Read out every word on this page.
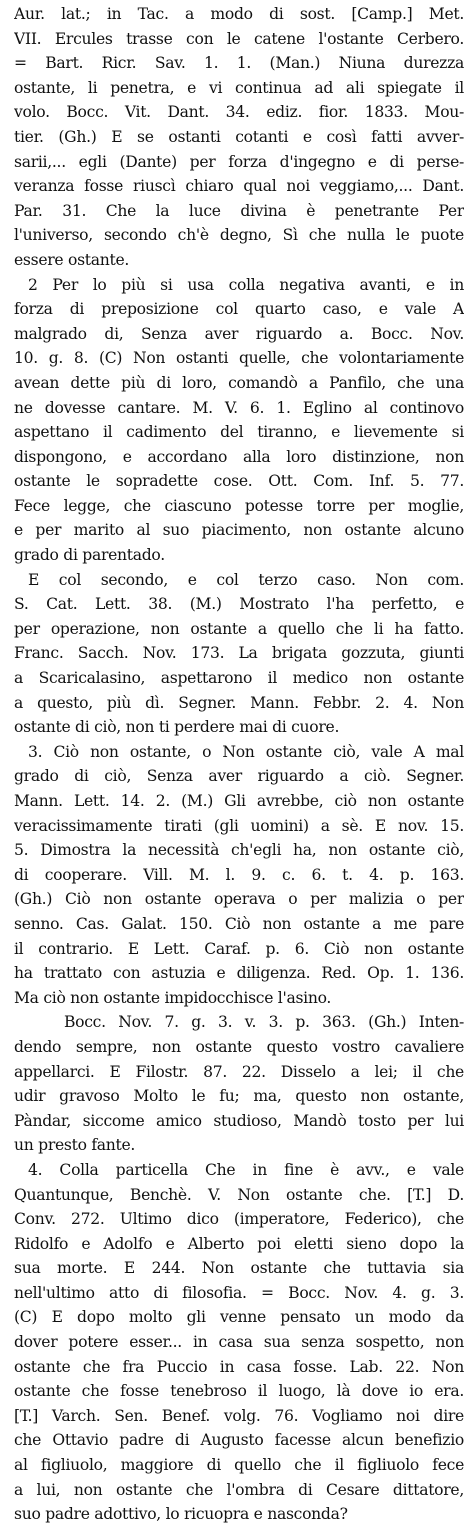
Aur. lat.; in Tac. a modo di sost. [Camp.] Met.
VII. Ercules trasse con le catene l'ostante Cerbero.
= Bart. Ricr. Sav. 1. 1. (Man.) Niuna durezza
ostante, li penetra, e vi continua ad ali spiegate il
volo. Bocc. Vit. Dant. 34. ediz. fior. 1833. Mou-
tier. (Gh.) E se ostanti cotanti e così fatti avver-
sarii,... egli (Dante) per forza d'ingegno e di perse-
veranza fosse riuscì chiaro qual noi veggiamo,... Dant.
Par. 31. Che la luce divina è penetrante Per
l'universo, secondo ch'è degno, Sì che nulla le puote
essere ostante.
2 Per lo più si usa colla negativa avanti, e in
forza di preposizione col quarto caso, e vale A
malgrado di, Senza aver riguardo a. Bocc. Nov.
10. g. 8. (C) Non ostanti quelle, che volontariamente
avean dette più di loro, comandò a Panfilo, che una
ne dovesse cantare. M. V. 6. 1. Eglino al continovo
aspettano il cadimento del tiranno, e lievemente si
dispongono, e accordano alla loro distinzione, non
ostante le sopradette cose. Ott. Com. Inf. 5. 77.
Fece legge, che ciascuno potesse torre per moglie,
e per marito al suo piacimento, non ostante alcuno
grado di parentado.
E col secondo, e col terzo caso. Non com.
S. Cat. Lett. 38. (M.) Mostrato l'ha perfetto, e
per operazione, non ostante a quello che li ha fatto.
Franc. Sacch. Nov. 173. La brigata gozzuta, giunti
a Scaricalasino, aspettarono il medico non ostante
a questo, più dì. Segner. Mann. Febbr. 2. 4. Non
ostante di ciò, non ti perdere mai di cuore.
3. Ciò non ostante, o Non ostante ciò, vale A mal
grado di ciò, Senza aver riguardo a ciò. Segner.
Mann. Lett. 14. 2. (M.) Gli avrebbe, ciò non ostante
veracissimamente tirati (gli uomini) a sè. E nov. 15.
5. Dimostra la necessità ch'egli ha, non ostante ciò,
di cooperare. Vill. M. l. 9. c. 6. t. 4. p. 163.
(Gh.) Ciò non ostante operava o per malizia o per
senno. Cas. Galat. 150. Ciò non ostante a me pare
il contrario. E Lett. Caraf. p. 6. Ciò non ostante
ha trattato con astuzia e diligenza. Red. Op. 1. 136.
Ma ciò non ostante impidocchisce l'asino.
Bocc. Nov. 7. g. 3. v. 3. p. 363. (Gh.) Inten-
dendo sempre, non ostante questo vostro cavaliere
appellarci. E Filostr. 87. 22. Disselo a lei; il che
udir gravoso Molto le fu; ma, questo non ostante,
Pàndar, siccome amico studioso, Mandò tosto per lui
un presto fante.
4. Colla particella Che in fine è avv., e vale
Quantunque, Benchè. V. Non ostante che. [T.] D.
Conv. 272. Ultimo dico (imperatore, Federico), che
Ridolfo e Adolfo e Alberto poi eletti sieno dopo la
sua morte. E 244. Non ostante che tuttavia sia
nell'ultimo atto di filosofia. = Bocc. Nov. 4. g. 3.
(C) E dopo molto gli venne pensato un modo da
dover potere esser... in casa sua senza sospetto, non
ostante che fra Puccio in casa fosse. Lab. 22. Non
ostante che fosse tenebroso il luogo, là dove io era.
[T.] Varch. Sen. Benef. volg. 76. Vogliamo noi dire
che Ottavio padre di Augusto facesse alcun benefizio
al figliuolo, maggiore di quello che il figliuolo fece
a lui, non ostante che l'ombra di Cesare dittatore,
suo padre adottivo, lo ricuopra e nasconda?
